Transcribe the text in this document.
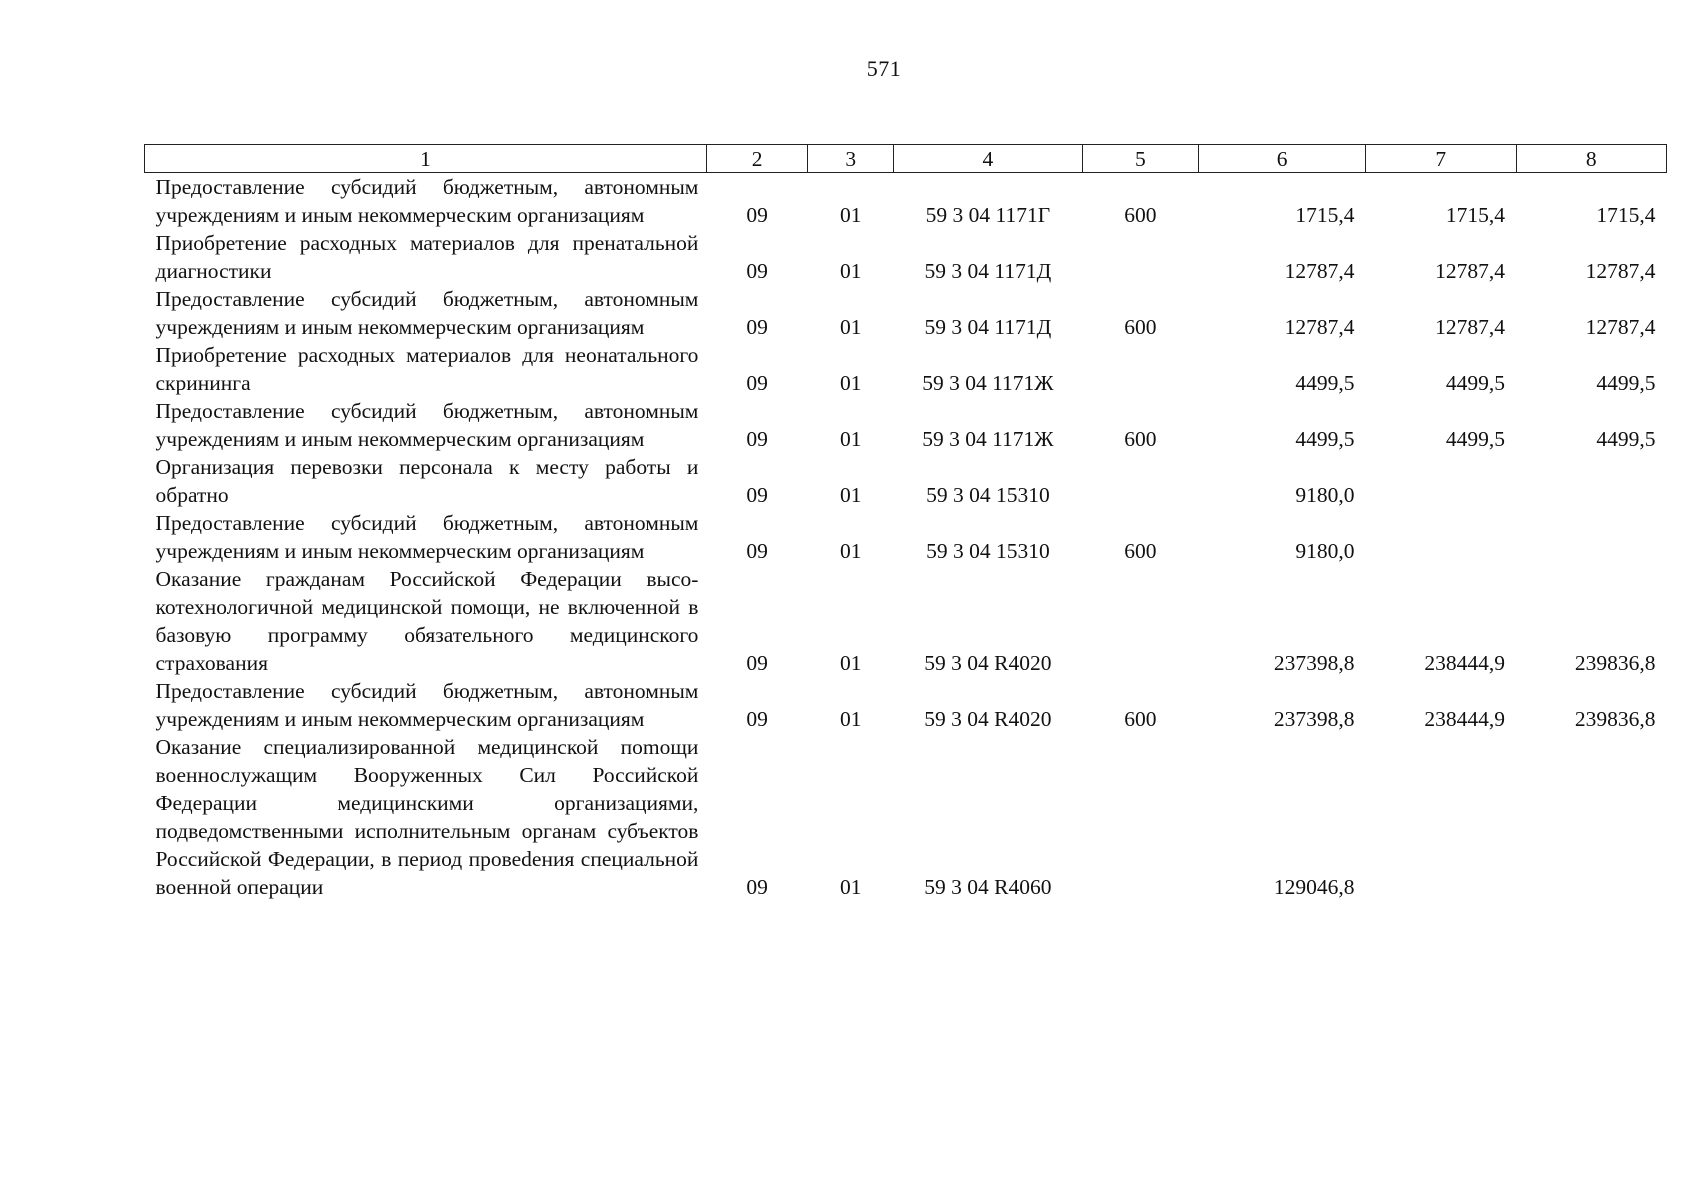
571
1	2	3	4	5	6	7	8
Предоставление субсидий бюджетным, автономным учреждениям и иным некоммерческим организациям	09	01	59 3 04 1171Г	600	1715,4	1715,4	1715,4
Приобретение расходных материалов для пренатальной диагностики	09	01	59 3 04 1171Д		12787,4	12787,4	12787,4
Предоставление субсидий бюджетным, автономным учреждениям и иным некоммерческим организациям	09	01	59 3 04 1171Д	600	12787,4	12787,4	12787,4
Приобретение расходных материалов для неонатального скрининга	09	01	59 3 04 1171Ж		4499,5	4499,5	4499,5
Предоставление субсидий бюджетным, автономным учреждениям и иным некоммерческим организациям	09	01	59 3 04 1171Ж	600	4499,5	4499,5	4499,5
Организация перевозки персонала к месту работы и обратно	09	01	59 3 04 15310		9180,0		
Предоставление субсидий бюджетным, автономным учреждениям и иным некоммерческим организациям	09	01	59 3 04 15310	600	9180,0		
Оказание гражданам Российской Федерации высокотехнологичной медицинской помощи, не включенной в базовую программу обязательного медицинского страхования	09	01	59 3 04 R4020		237398,8	238444,9	239836,8
Предоставление субсидий бюджетным, автономным учреждениям и иным некоммерческим организациям	09	01	59 3 04 R4020	600	237398,8	238444,9	239836,8
Оказание специализированной медицинской поmощи военнослужащим Вооруженных Сил Российской Федерации медицинскими организациями, подведомственными исполнительным органам субъектов Российской Федерации, в период провеdения специальной военной операции	09	01	59 3 04 R4060		129046,8		
